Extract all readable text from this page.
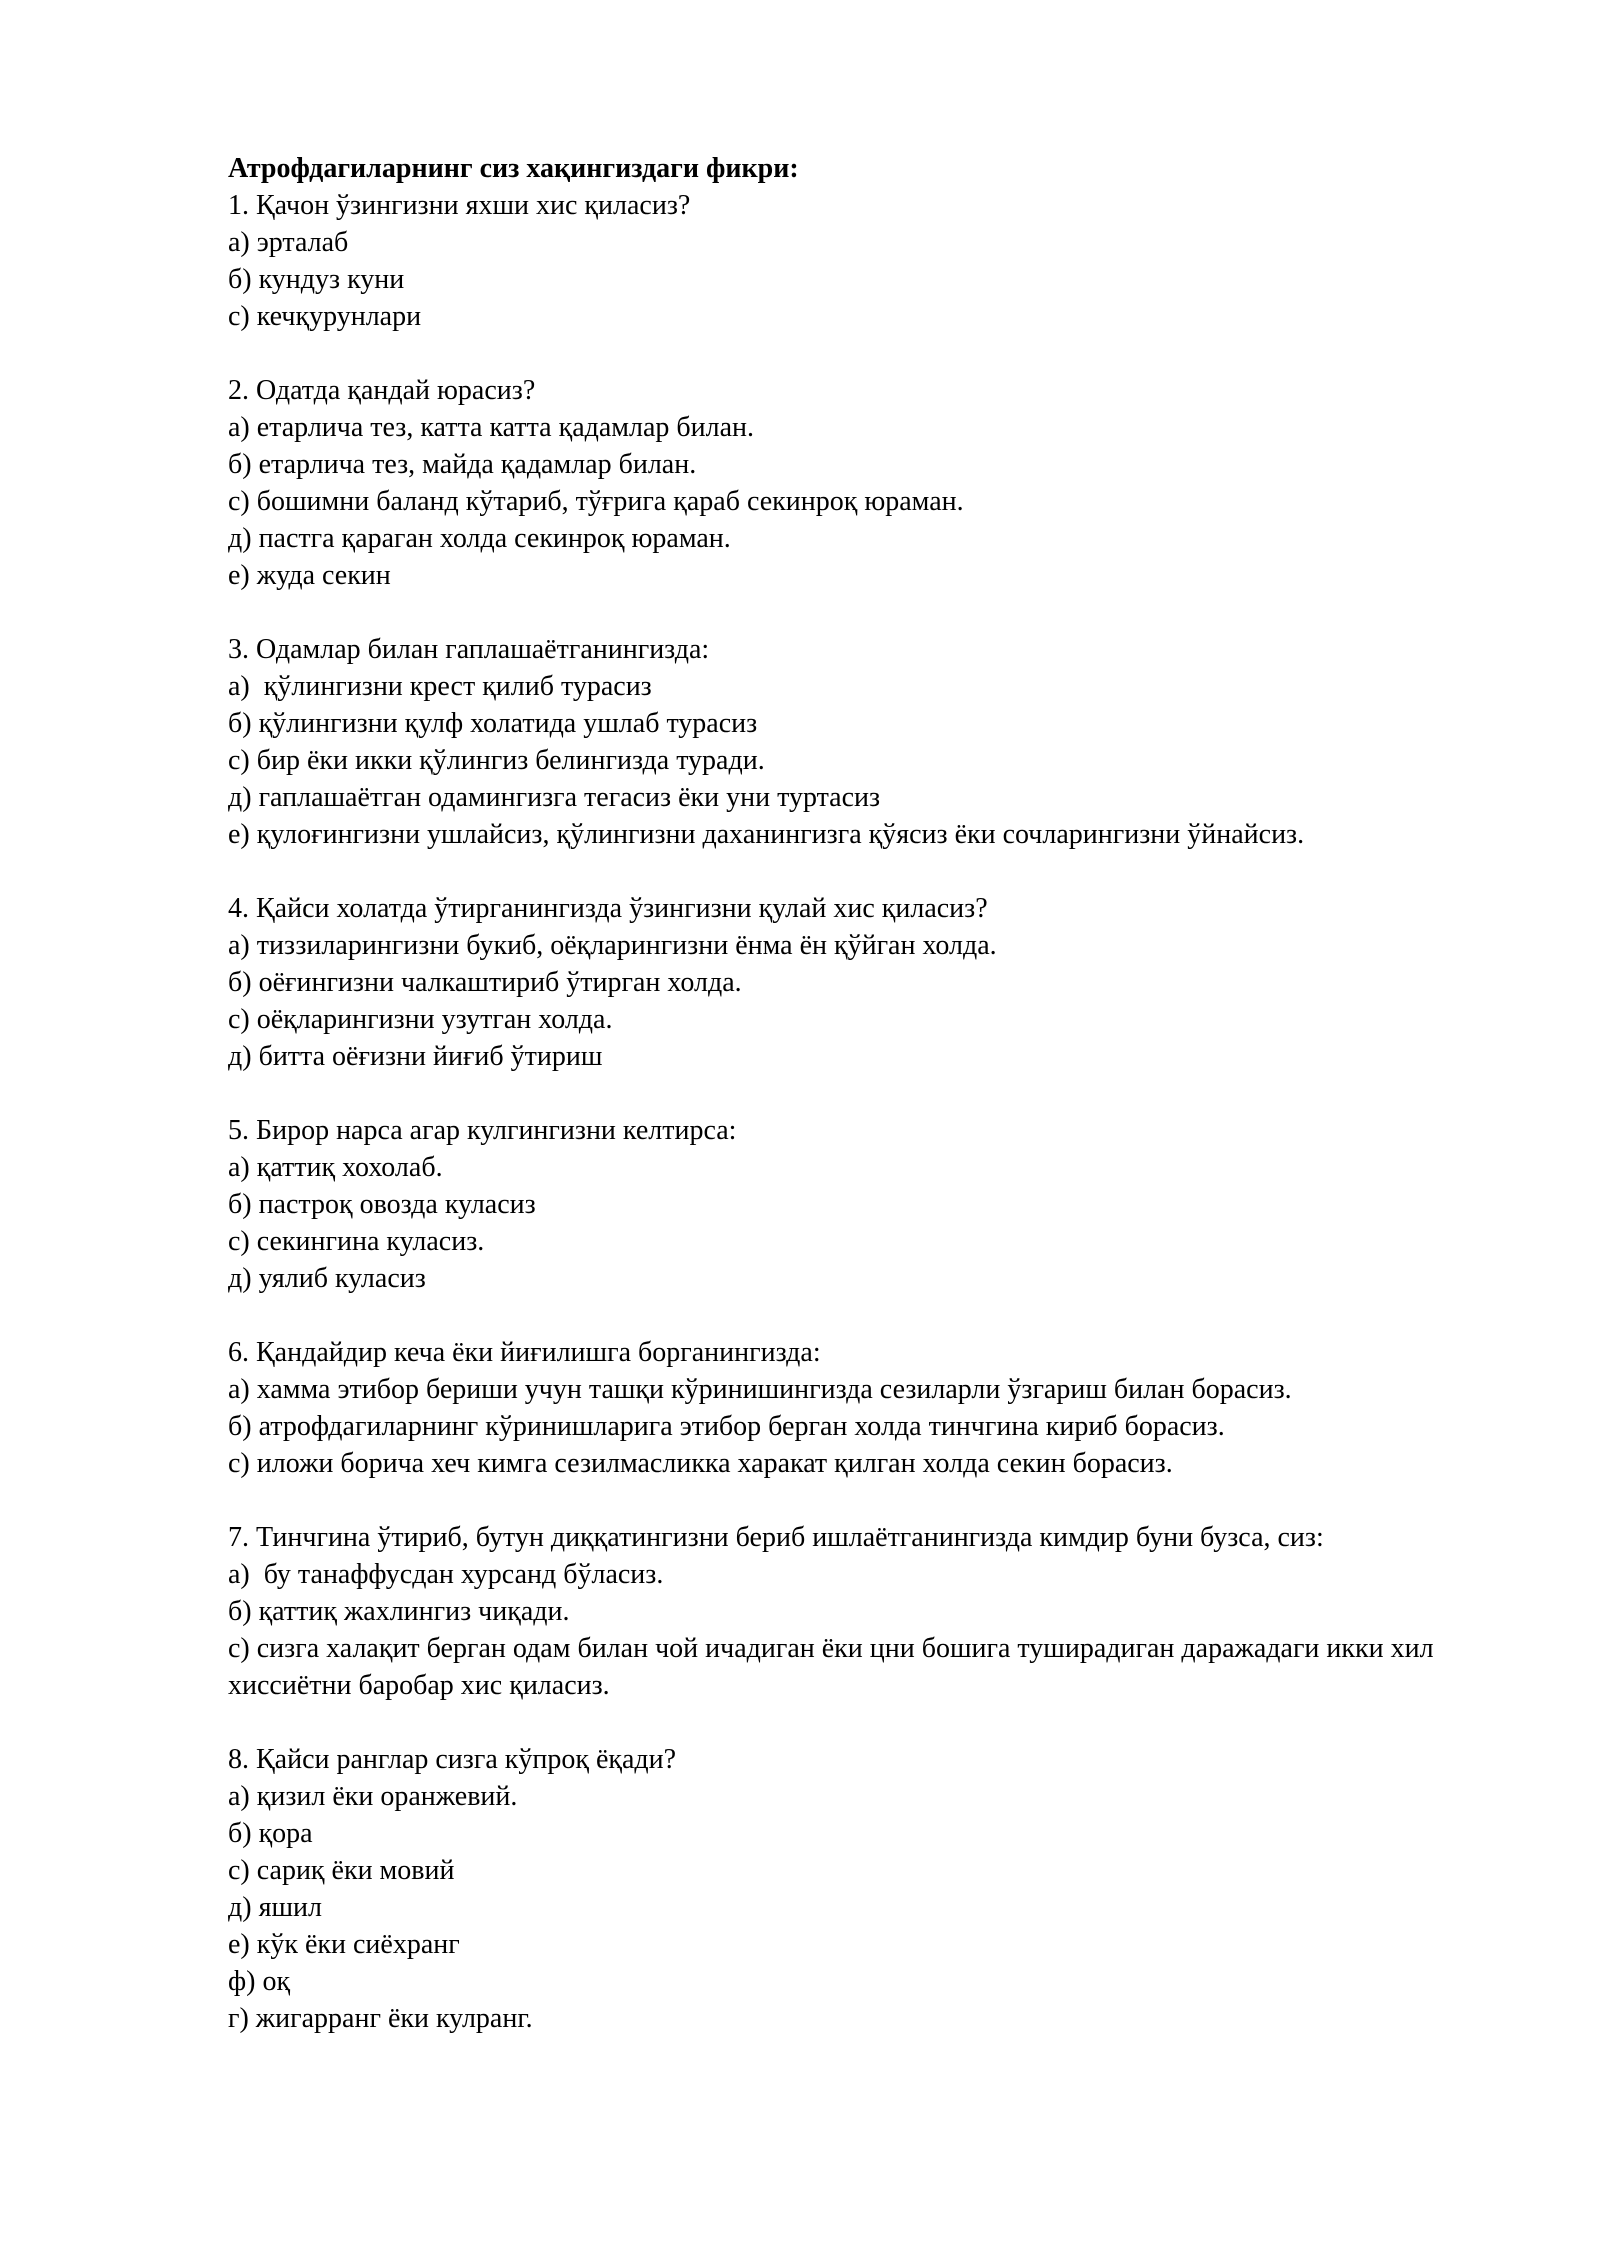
Атрофдагиларнинг сиз хақингиздаги фикри:

1. Қачон ўзингизни яхши хис қиласиз?

а) эрталаб

б) кундуз куни

с) кечқурунлари

2. Одатда қандай юрасиз?

а) етарлича тез, катта катта қадамлар билан.

б) етарлича тез, майда қадамлар билан.

с) бошимни баланд кўтариб, тўғрига қараб секинроқ юраман.

д) пастга қараган холда секинроқ юраман.

е) жуда секин

3. Одамлар билан гаплашаётганингизда:

а)  қўлингизни крест қилиб турасиз

б) қўлингизни қулф холатида ушлаб турасиз

с) бир ёки икки қўлингиз белингизда туради.

д) гаплашаётган одамингизга тегасиз ёки уни туртасиз

е) қулоғингизни ушлайсиз, қўлингизни даханингизга қўясиз ёки сочларингизни ўйнайсиз.

4. Қайси холатда ўтирганингизда ўзингизни қулай хис қиласиз?

а) тиззиларингизни букиб, оёқларингизни ёнма ён қўйган холда.

б) оёғингизни чалкаштириб ўтирган холда.

с) оёқларингизни узутган холда.

д) битта оёғизни йиғиб ўтириш

5. Бирор нарса агар кулгингизни келтирса:

а) қаттиқ хохолаб.

б) пастроқ овозда куласиз

с) секингина куласиз.

д) уялиб куласиз

6. Қандайдир кеча ёки йиғилишга борганингизда:

а) хамма этибор бериши учун ташқи кўринишингизда сезиларли ўзгариш билан борасиз.

б) атрофдагиларнинг кўринишларига этибор берган холда тинчгина кириб борасиз.

с) иложи борича хеч кимга сезилмасликка харакат қилган холда секин борасиз.

7. Тинчгина ўтириб, бутун диққатингизни бериб ишлаётганингизда кимдир буни бузса, сиз:

а)  бу танаффусдан хурсанд бўласиз.

б) қаттиқ жахлингиз чиқади.

с) сизга халақит берган одам билан чой ичадиган ёки цни бошига туширадиган даражадаги икки хил хиссиётни баробар хис қиласиз.

8. Қайси ранглар сизга кўпроқ ёқади?

а) қизил ёки оранжевий.

б) қора

с) сариқ ёки мовий

д) яшил

е) кўк ёки сиёхранг

ф) оқ

г) жигарранг ёки кулранг.
